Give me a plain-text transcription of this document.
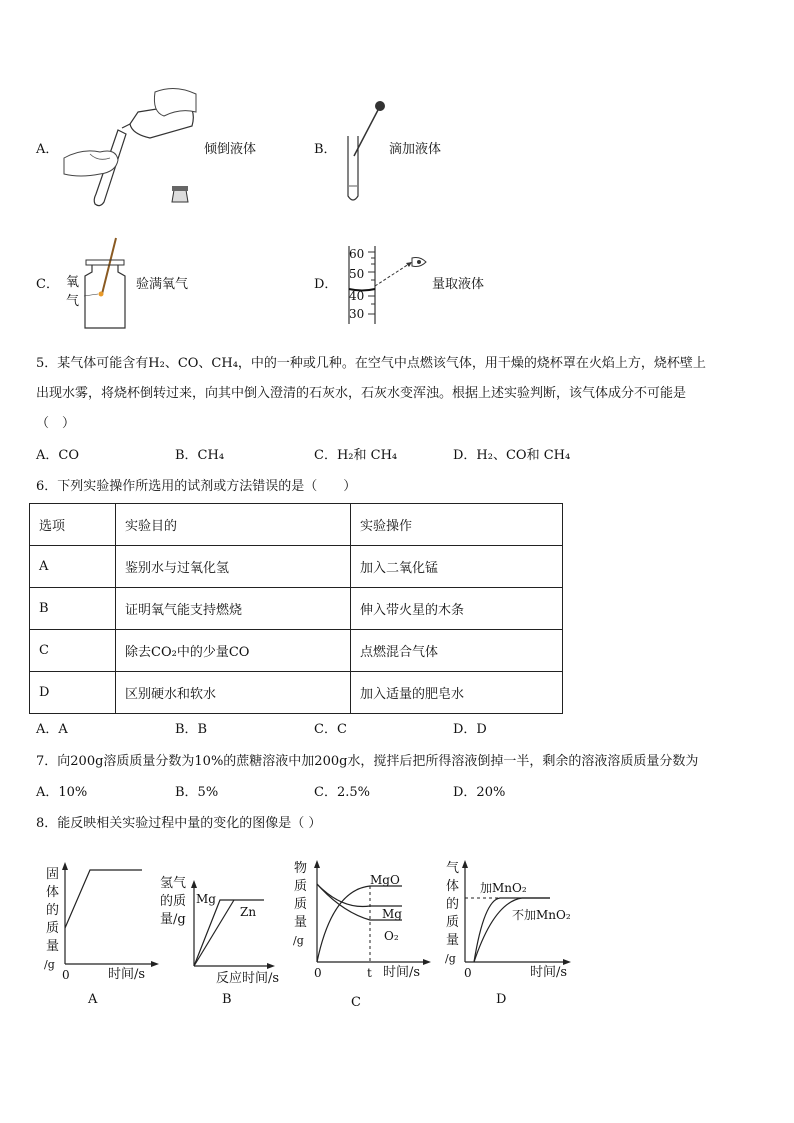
A．	倾倒液体	B．	滴加液体
C． 氧
气
验满氧气	D．
60
50
40
30
量取液体
5．某气体可能含有H₂、CO、CH₄，中的一种或几种。在空气中点燃该气体，用干燥的烧杯罩在火焰上方，烧杯壁上
出现水雾，将烧杯倒转过来，向其中倒入澄清的石灰水，石灰水变浑浊。根据上述实验判断，该气体成分不可能是
（　）
A．CO	B．CH₄	C．H₂和 CH₄	D．H₂、CO和 CH₄
6．下列实验操作所选用的试剂或方法错误的是（　　）
选项	实验目的	实验操作
A	鉴别水与过氧化氢	加入二氧化锰
B	证明氧气能支持燃烧	伸入带火星的木条
C	除去CO₂中的少量CO	点燃混合气体
D	区别硬水和软水	加入适量的肥皂水
A．A	B．B	C．C	D．D
7．向200g溶质质量分数为10%的蔗糖溶液中加200g水，搅拌后把所得溶液倒掉一半，剩余的溶液溶质质量分数为
A．10%	B．5%	C．2.5%	D．20%
8．能反映相关实验过程中量的变化的图像是（ ）
固
体
的
质
量
/g
0	时间/s
A
氢气
的质
量/g
Mg
Zn
反应时间/s
B
物
质
质
量
/g
MgO
Mg
O₂
0	t 时间/s
C
气
体
的
质
量
/g
加MnO₂
不加MnO₂
0	时间/s
D
